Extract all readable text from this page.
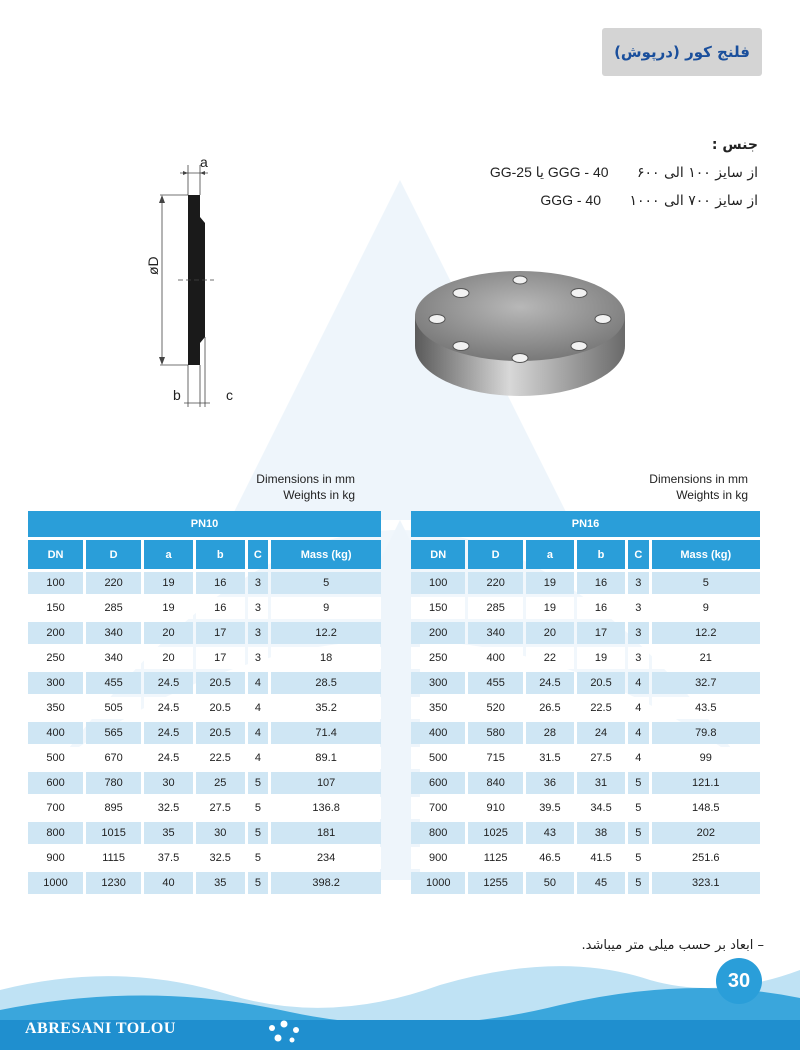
فلنج کور (درپوش)
جنس :
از سایز ۱۰۰ الی ۶۰۰ GG-25 یا GGG - 40
از سایز ۷۰۰ الی ۱۰۰۰ GGG - 40
a
øD
b	c
Dimensions in mm
Weights in kg
Dimensions in mm
Weights in kg
PN10					
DN	D	a	b	C	Mass (kg)
100	220	19	16	3	5
150	285	19	16	3	9
200	340	20	17	3	12.2
250	340	20	17	3	18
300	455	24.5	20.5	4	28.5
350	505	24.5	20.5	4	35.2
400	565	24.5	20.5	4	71.4
500	670	24.5	22.5	4	89.1
600	780	30	25	5	107
700	895	32.5	27.5	5	136.8
800	1015	35	30	5	181
900	1115	37.5	32.5	5	234
1000	1230	40	35	5	398.2
PN16					
DN	D	a	b	C	Mass (kg)
100	220	19	16	3	5
150	285	19	16	3	9
200	340	20	17	3	12.2
250	400	22	19	3	21
300	455	24.5	20.5	4	32.7
350	520	26.5	22.5	4	43.5
400	580	28	24	4	79.8
500	715	31.5	27.5	4	99
600	840	36	31	5	121.1
700	910	39.5	34.5	5	148.5
800	1025	43	38	5	202
900	1125	46.5	41.5	5	251.6
1000	1255	50	45	5	323.1
– ابعاد بر حسب میلی متر میباشد.
ABRESANI TOLOU
30
